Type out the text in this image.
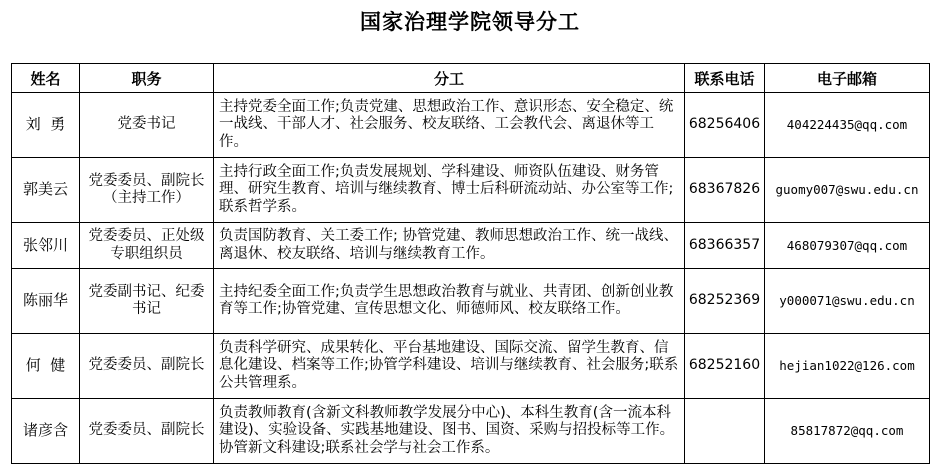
国家治理学院领导分工
姓名	职务	分工	联系电话	电子邮箱
刘  勇	党委书记	主持党委全面工作;负责党建、思想政治工作、意识形态、安全稳定、统一战线、干部人才、社会服务、校友联络、工会教代会、离退休等工作。	68256406	404224435@qq.com
郭美云	党委委员、副院长（主持工作）	主持行政全面工作;负责发展规划、学科建设、师资队伍建设、财务管理、研究生教育、培训与继续教育、博士后科研流动站、办公室等工作;联系哲学系。	68367826	guomy007@swu.edu.cn
张邻川	党委委员、正处级专职组织员	负责国防教育、关工委工作; 协管党建、教师思想政治工作、统一战线、离退休、校友联络、培训与继续教育工作。	68366357	468079307@qq.com
陈丽华	党委副书记、纪委书记	主持纪委全面工作;负责学生思想政治教育与就业、共青团、创新创业教育等工作;协管党建、宣传思想文化、师德师风、校友联络工作。	68252369	y000071@swu.edu.cn
何  健	党委委员、副院长	负责科学研究、成果转化、平台基地建设、国际交流、留学生教育、信息化建设、档案等工作;协管学科建设、培训与继续教育、社会服务;联系公共管理系。	68252160	hejian1022@126.com
诸彦含	党委委员、副院长	负责教师教育(含新文科教师教学发展分中心)、本科生教育(含一流本科建设)、实验设备、实践基地建设、图书、国资、采购与招投标等工作。协管新文科建设;联系社会学与社会工作系。		85817872@qq.com
